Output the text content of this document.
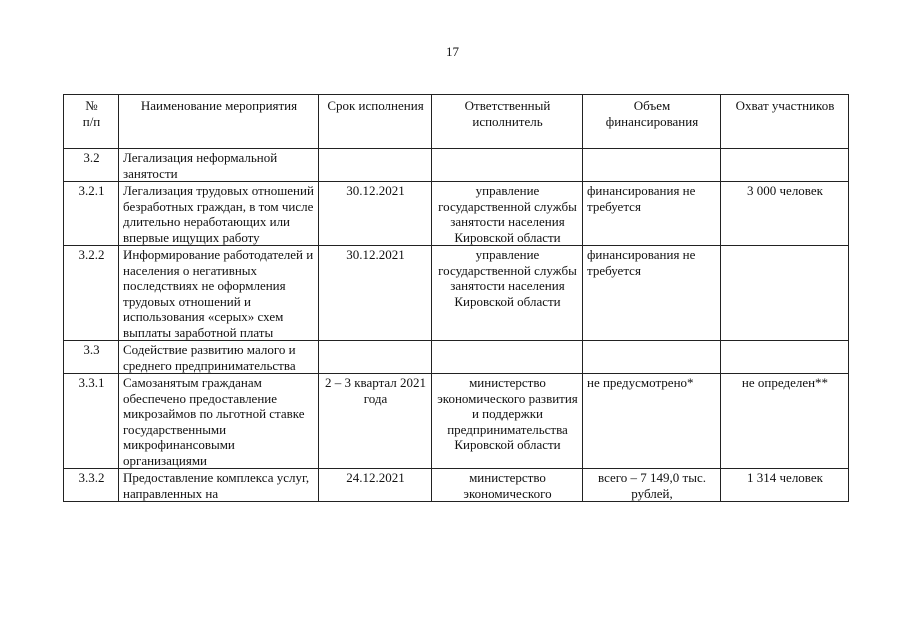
17
№
п/п	Наименование мероприятия	Срок исполнения	Ответственный исполнитель	Объем финансирования	Охват участников
3.2	Легализация неформальной занятости				
3.2.1	Легализация трудовых отношений безработных граждан, в том числе длительно неработающих или впервые ищущих работу	30.12.2021	управление государственной службы занятости населения Кировской области	финансирования не требуется	3 000 человек
3.2.2	Информирование работодателей и населения о негативных последствиях не оформления трудовых отношений и использования «серых» схем выплаты заработной платы	30.12.2021	управление государственной службы занятости населения Кировской области	финансирования не требуется	
3.3	Содействие развитию малого и среднего предпринимательства				
3.3.1	Самозанятым гражданам обеспечено предоставление микрозаймов по льготной ставке государственными микрофинансовыми организациями	2 – 3 квартал 2021 года	министерство экономического развития и поддержки предпринимательства Кировской области	не предусмотрено*	не определен**
3.3.2	Предоставление комплекса услуг, направленных на	24.12.2021	министерство экономического	всего – 7 149,0 тыс. рублей,	1 314 человек
